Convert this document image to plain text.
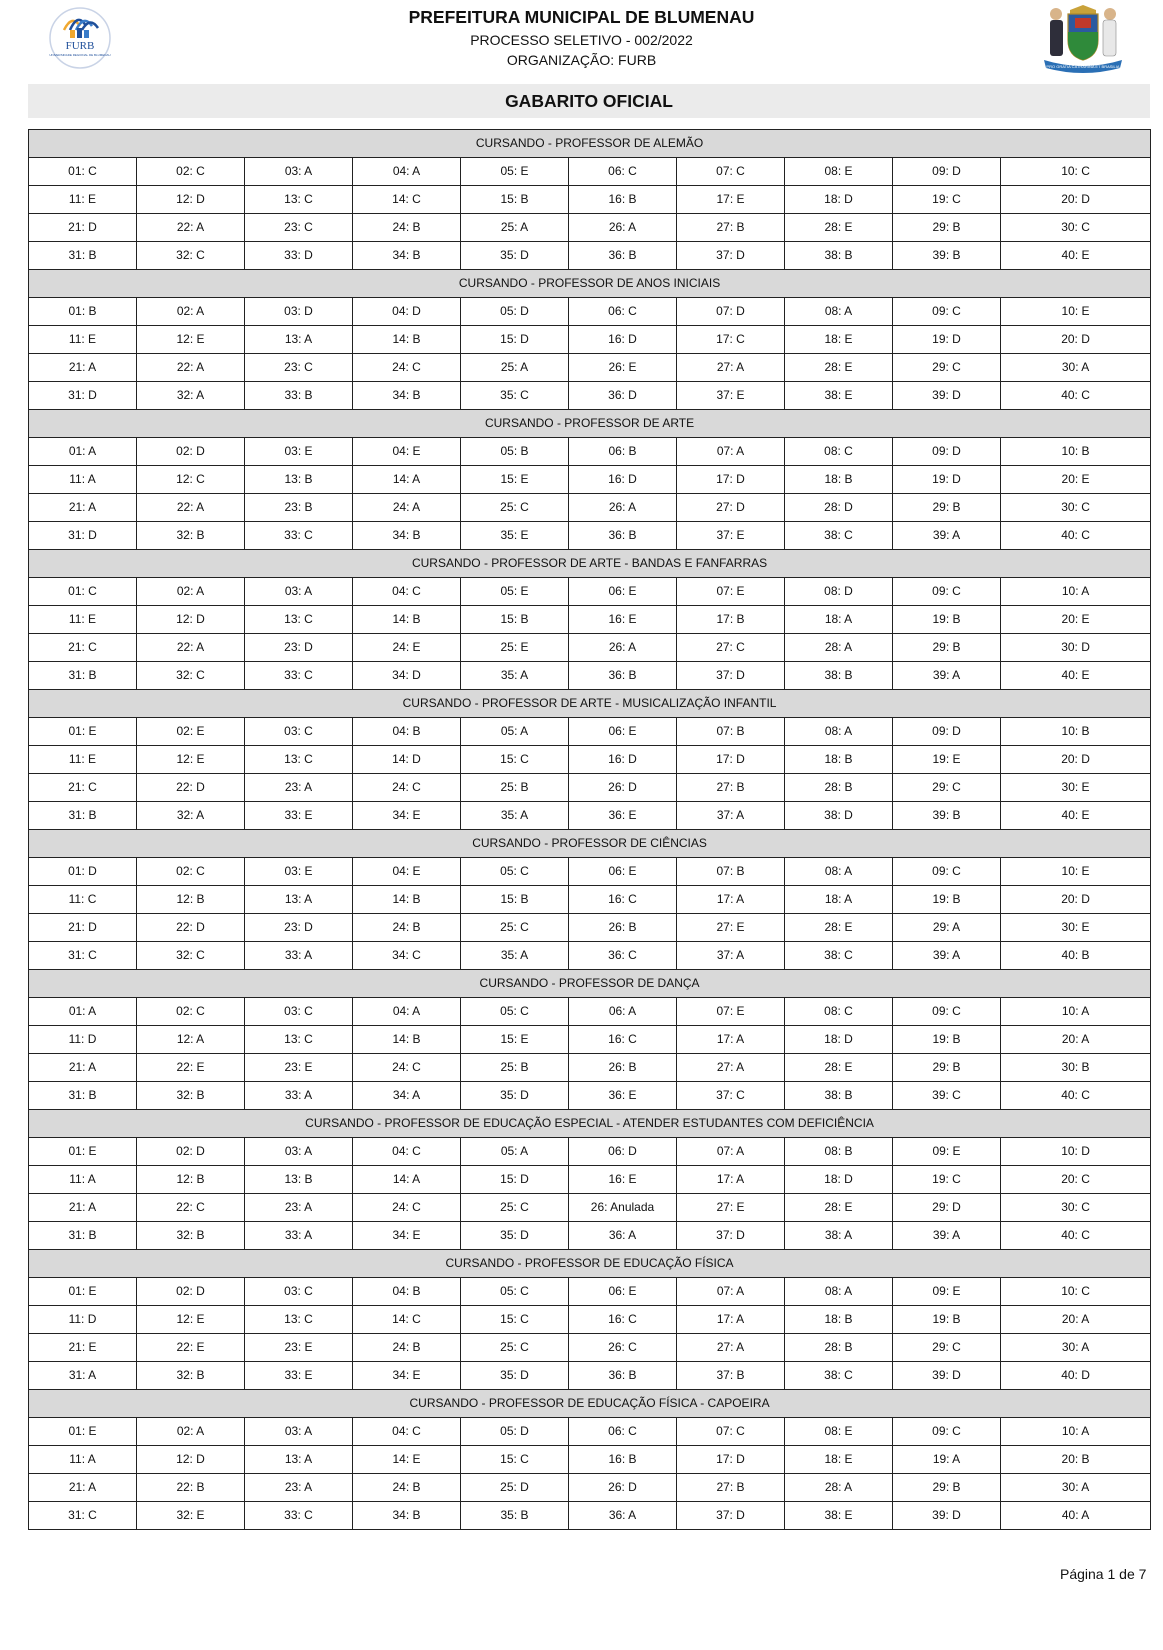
FURB
UNIVERSIDADE REGIONAL DE BLUMENAU
PREFEITURA MUNICIPAL DE BLUMENAU
PROCESSO SELETIVO - 002/2022
ORGANIZAÇÃO: FURB	PRO GRATIA CATHARINA ET BRASILIA
GABARITO OFICIAL
CURSANDO - PROFESSOR DE ALEMÃO									
01: C	02: C	03: A	04: A	05: E	06: C	07: C	08: E	09: D	10: C
11: E	12: D	13: C	14: C	15: B	16: B	17: E	18: D	19: C	20: D
21: D	22: A	23: C	24: B	25: A	26: A	27: B	28: E	29: B	30: C
31: B	32: C	33: D	34: B	35: D	36: B	37: D	38: B	39: B	40: E
CURSANDO - PROFESSOR DE ANOS INICIAIS									
01: B	02: A	03: D	04: D	05: D	06: C	07: D	08: A	09: C	10: E
11: E	12: E	13: A	14: B	15: D	16: D	17: C	18: E	19: D	20: D
21: A	22: A	23: C	24: C	25: A	26: E	27: A	28: E	29: C	30: A
31: D	32: A	33: B	34: B	35: C	36: D	37: E	38: E	39: D	40: C
CURSANDO - PROFESSOR DE ARTE									
01: A	02: D	03: E	04: E	05: B	06: B	07: A	08: C	09: D	10: B
11: A	12: C	13: B	14: A	15: E	16: D	17: D	18: B	19: D	20: E
21: A	22: A	23: B	24: A	25: C	26: A	27: D	28: D	29: B	30: C
31: D	32: B	33: C	34: B	35: E	36: B	37: E	38: C	39: A	40: C
CURSANDO - PROFESSOR DE ARTE - BANDAS E FANFARRAS									
01: C	02: A	03: A	04: C	05: E	06: E	07: E	08: D	09: C	10: A
11: E	12: D	13: C	14: B	15: B	16: E	17: B	18: A	19: B	20: E
21: C	22: A	23: D	24: E	25: E	26: A	27: C	28: A	29: B	30: D
31: B	32: C	33: C	34: D	35: A	36: B	37: D	38: B	39: A	40: E
CURSANDO - PROFESSOR DE ARTE - MUSICALIZAÇÃO INFANTIL									
01: E	02: E	03: C	04: B	05: A	06: E	07: B	08: A	09: D	10: B
11: E	12: E	13: C	14: D	15: C	16: D	17: D	18: B	19: E	20: D
21: C	22: D	23: A	24: C	25: B	26: D	27: B	28: B	29: C	30: E
31: B	32: A	33: E	34: E	35: A	36: E	37: A	38: D	39: B	40: E
CURSANDO - PROFESSOR DE CIÊNCIAS									
01: D	02: C	03: E	04: E	05: C	06: E	07: B	08: A	09: C	10: E
11: C	12: B	13: A	14: B	15: B	16: C	17: A	18: A	19: B	20: D
21: D	22: D	23: D	24: B	25: C	26: B	27: E	28: E	29: A	30: E
31: C	32: C	33: A	34: C	35: A	36: C	37: A	38: C	39: A	40: B
CURSANDO - PROFESSOR DE DANÇA									
01: A	02: C	03: C	04: A	05: C	06: A	07: E	08: C	09: C	10: A
11: D	12: A	13: C	14: B	15: E	16: C	17: A	18: D	19: B	20: A
21: A	22: E	23: E	24: C	25: B	26: B	27: A	28: E	29: B	30: B
31: B	32: B	33: A	34: A	35: D	36: E	37: C	38: B	39: C	40: C
CURSANDO - PROFESSOR DE EDUCAÇÃO ESPECIAL - ATENDER ESTUDANTES COM DEFICIÊNCIA									
01: E	02: D	03: A	04: C	05: A	06: D	07: A	08: B	09: E	10: D
11: A	12: B	13: B	14: A	15: D	16: E	17: A	18: D	19: C	20: C
21: A	22: C	23: A	24: C	25: C	26: Anulada	27: E	28: E	29: D	30: C
31: B	32: B	33: A	34: E	35: D	36: A	37: D	38: A	39: A	40: C
CURSANDO - PROFESSOR DE EDUCAÇÃO FÍSICA									
01: E	02: D	03: C	04: B	05: C	06: E	07: A	08: A	09: E	10: C
11: D	12: E	13: C	14: C	15: C	16: C	17: A	18: B	19: B	20: A
21: E	22: E	23: E	24: B	25: C	26: C	27: A	28: B	29: C	30: A
31: A	32: B	33: E	34: E	35: D	36: B	37: B	38: C	39: D	40: D
CURSANDO - PROFESSOR DE EDUCAÇÃO FÍSICA - CAPOEIRA									
01: E	02: A	03: A	04: C	05: D	06: C	07: C	08: E	09: C	10: A
11: A	12: D	13: A	14: E	15: C	16: B	17: D	18: E	19: A	20: B
21: A	22: B	23: A	24: B	25: D	26: D	27: B	28: A	29: B	30: A
31: C	32: E	33: C	34: B	35: B	36: A	37: D	38: E	39: D	40: A
Página 1 de 7
